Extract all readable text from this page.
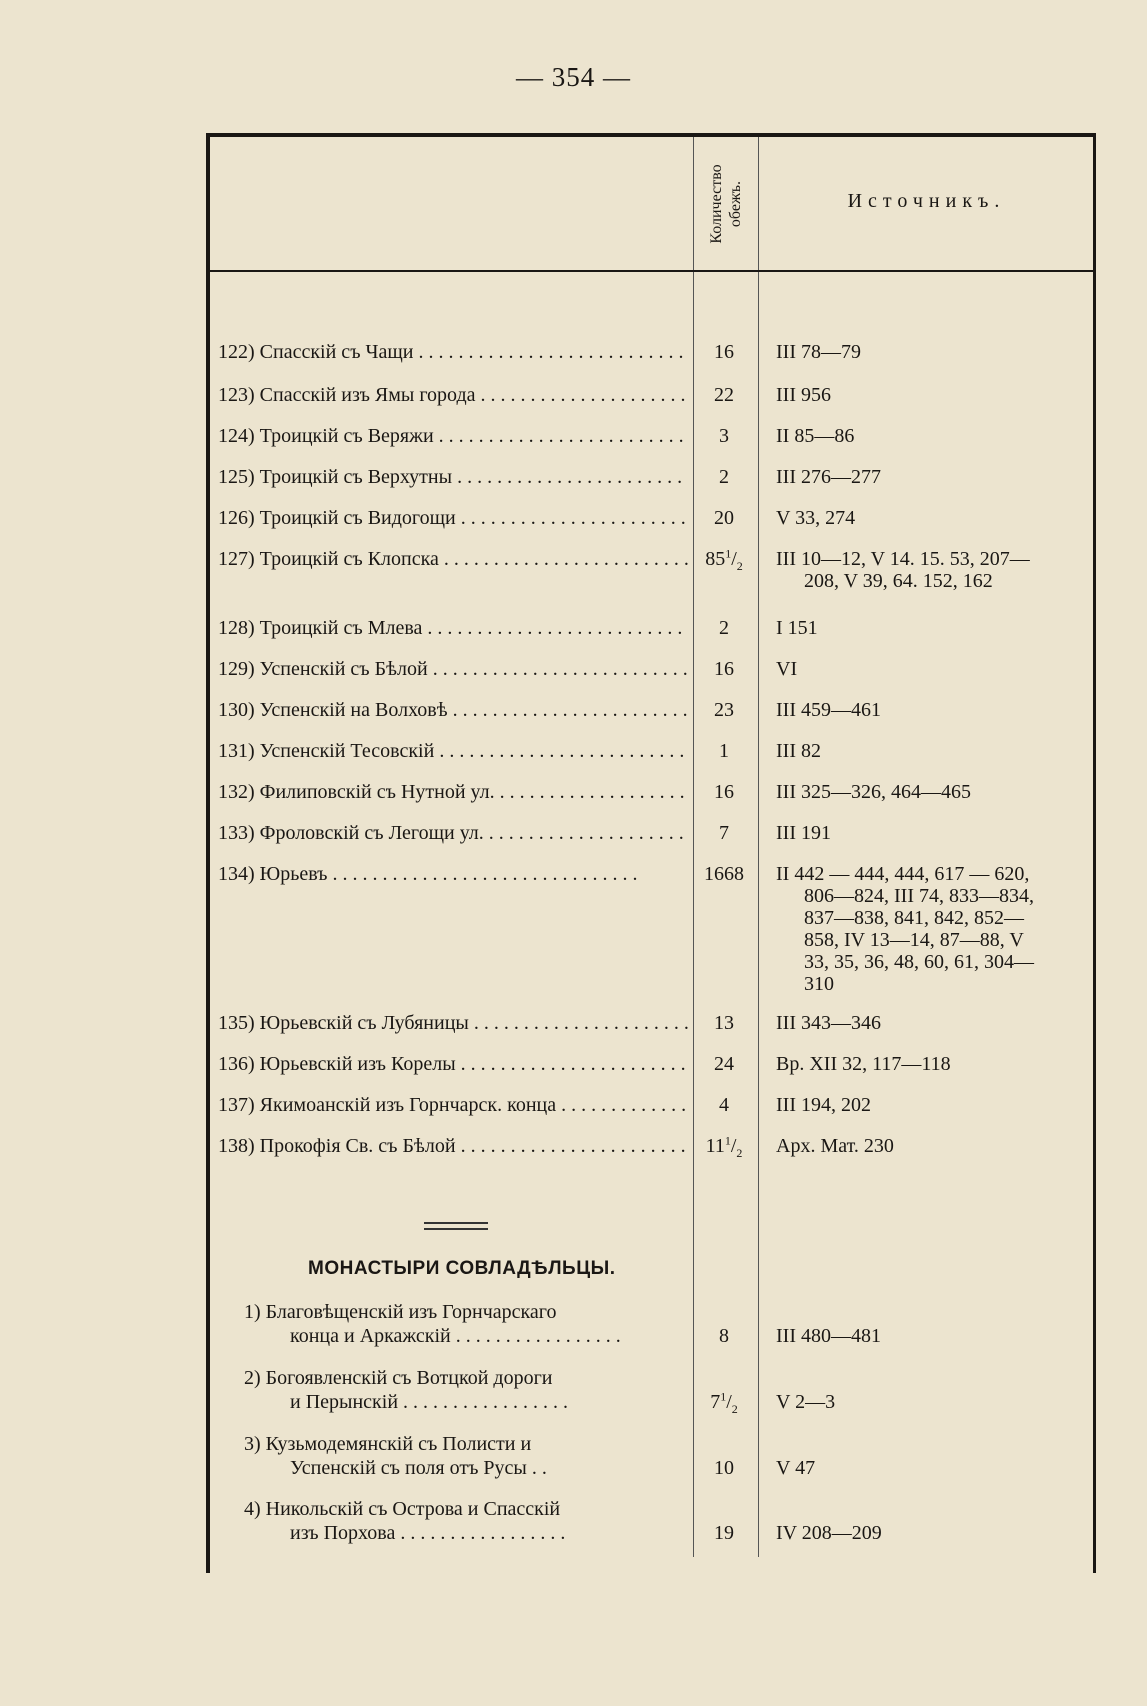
— 354 —
Количество обежъ.	Источникъ.
122) Спасскій съ Чащи . . .	16	III 78—79
123) Спасскій изъ Ямы города . . .	22	III 956
124) Троицкій съ Веряжи . . .	3	II 85—86
125) Троицкій съ Верхутны . . .	2	III 276—277
126) Троицкій съ Видогощи . . .	20	V 33, 274
127) Троицкій съ Клопска . . .	$85^1/_2$	III 10—12, V 14. 15. 53, 207—
208, V 39, 64. 152, 162
128) Троицкій съ Млева . . .	2	I 151
129) Успенскій съ Бѣлой . . .	16	VI
130) Успенскій на Волховѣ . . .	23	III 459—461
131) Успенскій Тесовскій . . .	1	III 82
132) Филиповскій съ Нутной ул. . . .	16	III 325—326, 464—465
133) Фроловскій съ Легощи ул. . . .	7	III 191
134) Юрьевъ . . .	1668	II 442 — 444, 444, 617 — 620,
806—824, III 74, 833—834,
837—838, 841, 842, 852—
858, IV 13—14, 87—88, V
33, 35, 36, 48, 60, 61, 304—
310
135) Юрьевскій съ Лубяницы . . .	13	III 343—346
136) Юрьевскій изъ Корелы . . .	24	Вр. XII 32, 117—118
137) Якимоанскій изъ Горнчарск. конца . . .	4	III 194, 202
138) Прокофія Св. съ Бѣлой . . .	$11^1/_2$	Арх. Мат. 230
МОНАСТЫРИ СОВЛАДѢЛЬЦЫ.
1) Благовѣщенскій изъ Горнчарскаго
конца и Аркажскій . . .	8	III 480—481
2) Богоявленскій съ Вотцкой дороги
и Перынскій . . .	$7^1/_2$	V 2—3
3) Кузьмодемянскій съ Полисти и
Успенскій съ поля отъ Русы . .	10	V 47
4) Никольскій съ Острова и Спасскій
изъ Порхова . . .	19	IV 208—209
